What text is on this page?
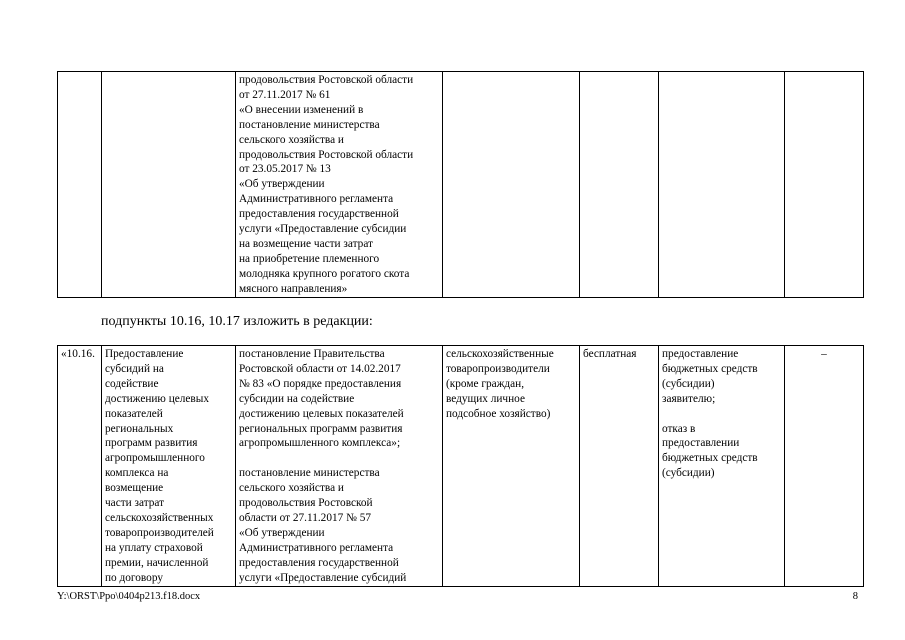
		продовольствия Ростовской области
от 27.11.2017 № 61
«О внесении изменений в
постановление министерства
сельского хозяйства и
продовольствия Ростовской области
от 23.05.2017 № 13
«Об утверждении
Административного регламента
предоставления государственной
услуги «Предоставление субсидии
на возмещение части затрат
на приобретение племенного
молодняка крупного рогатого скота
мясного направления»				
подпункты 10.16, 10.17 изложить в редакции:
«10.16.	Предоставление
субсидий на
содействие
достижению целевых
показателей
региональных
программ развития
агропромышленного
комплекса на
возмещение
части затрат
сельскохозяйственных
товаропроизводителей
на уплату страховой
премии, начисленной
по договору	постановление Правительства
Ростовской области от 14.02.2017
№ 83 «О порядке предоставления
субсидии на содействие
достижению целевых показателей
региональных программ развития
агропромышленного комплекса»;

постановление министерства
сельского хозяйства и
продовольствия Ростовской
области от 27.11.2017 № 57
«Об утверждении
Административного регламента
предоставления государственной
услуги «Предоставление субсидий	сельскохозяйственные
товаропроизводители
(кроме граждан,
ведущих личное
подсобное хозяйство)	бесплатная	предоставление
бюджетных средств
(субсидии)
заявителю;

отказ в
предоставлении
бюджетных средств
(субсидии)	–
Y:\ORST\Ppo\0404p213.f18.docx	8
